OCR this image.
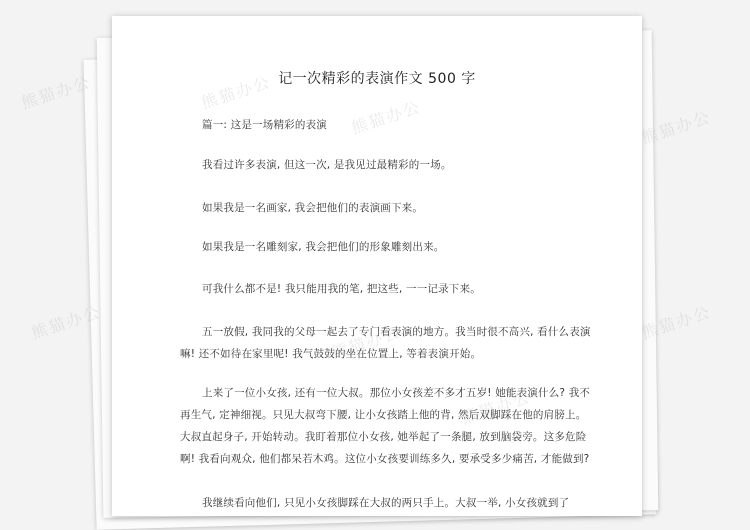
记一次精彩的表演作文 500 字
篇一: 这是一场精彩的表演
我看过许多表演, 但这一次, 是我见过最精彩的一场。
如果我是一名画家, 我会把他们的表演画下来。
如果我是一名雕刻家, 我会把他们的形象雕刻出来。
可我什么都不是! 我只能用我的笔, 把这些, 一一记录下来。
五一放假, 我同我的父母一起去了专门看表演的地方。我当时很不高兴, 看什么表演
嘛! 还不如待在家里呢! 我气鼓鼓的坐在位置上, 等着表演开始。
上来了一位小女孩, 还有一位大叔。那位小女孩差不多才五岁! 她能表演什么? 我不
再生气, 定神细视。只见大叔弯下腰, 让小女孩踏上他的背, 然后双脚踩在他的肩膀上。
大叔直起身子, 开始转动。我盯着那位小女孩, 她举起了一条腿, 放到脑袋旁。这多危险
啊! 我看向观众, 他们都呆若木鸡。这位小女孩要训练多久, 要承受多少痛苦, 才能做到?
我继续看向他们, 只见小女孩脚踩在大叔的两只手上。大叔一举, 小女孩就到了
熊猫办公	熊猫办公
熊猫办公
熊猫办公
熊猫办公	熊猫办公	熊猫办公
熊猫办公
